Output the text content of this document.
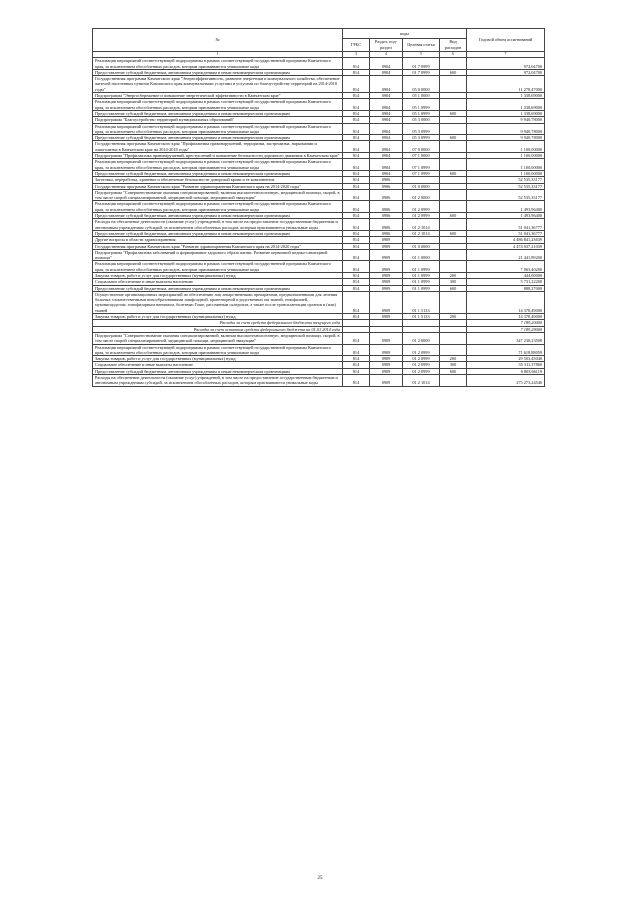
№	коды				Годовой объем ассигнований
	ГРБС	Раздел, под-раздел	Целевая статья	Вид расходов	
1	3	4	5	6	7
Реализация мероприятий соответствующей подпрограммы в рамках соответствующей государственной программы Камчатского края, за исключением обособленных расходов, которым присваиваются уникальные коды	814	0904	01 7 0999		972,04700
Предоставление субсидий бюджетным, автономным учреждениям и иным некоммерческим организациям	814	0904	01 7 0999	600	972,04700
Государственная программа Камчатского края "Энергоэффективность, развитие энергетики и коммунального хозяйства, обеспечение жителей населенных пунктов Камчатского края коммунальными услугами и услугами по благоустройству территорий на 2014-2018 годы"	814	0904	05 0 0000		11 278,47000
Подпрограмма "Энергосбережение и повышение энергетической эффективности в Камчатском крае"	814	0904	05 1 0000		1 338,69000
Реализация мероприятий соответствующей подпрограммы в рамках соответствующей государственной программы Камчатского края, за исключением обособленных расходов, которым присваиваются уникальные коды	814	0904	05 1 0999		1 338,69000
Предоставление субсидий бюджетным, автономным учреждениям и иным некоммерческим организациям	814	0904	05 1 0999	600	1 338,69000
Подпрограмма "Благоустройство территорий муниципальных образований"	814	0904	05 3 0000		9 940,78000
Реализация мероприятий соответствующей подпрограммы в рамках соответствующей государственной программы Камчатского края, за исключением обособленных расходов, которым присваиваются уникальные коды	814	0904	05 3 0999		9 940,78000
Предоставление субсидий бюджетным, автономным учреждениям и иным некоммерческим организациям	814	0904	05 3 0999	600	9 940,78000
Государственная программа Камчатского края "Профилактика правонарушений, терроризма, экстремизма, наркомании и алкоголизма в Камчатском крае на 2014-2018 годы"	814	0904	07 0 0000		1 100,00000
Подпрограмма "Профилактика правонарушений, преступлений и повышение безопасности дорожного движения в Камчатском крае"	814	0904	07 1 0000		1 100,00000
Реализация мероприятий соответствующей подпрограммы в рамках соответствующей государственной программы Камчатского края, за исключением обособленных расходов, которым присваиваются уникальные коды	814	0904	07 1 0999		1 100,00000
Предоставление субсидий бюджетным, автономным учреждениям и иным некоммерческим организациям	814	0904	07 1 0999	600	1 100,00000
Заготовка, переработка, хранение и обеспечение безопасности донорской крови и ее компонентов	814	0906			52 535,33177
Государственная программа Камчатского края "Развитие здравоохранения Камчатского края на 2014-2020 годы"	814	0906	01 0 0000		52 535,33177
Подпрограмма "Совершенствование оказания специализированной, включая высокотехнологичную, медицинской помощи, скорой, в том числе скорой специализированной, медицинской помощи, медицинской эвакуации"	814	0906	01 2 0000		52 535,33177
Реализация мероприятий соответствующей подпрограммы в рамках соответствующей государственной программы Камчатского края, за исключением обособленных расходов, которым присваиваются уникальные коды	814	0906	01 2 0999		1 493,96400
Предоставление субсидий бюджетным, автономным учреждениям и иным некоммерческим организациям	814	0906	01 2 0999	600	1 493,96400
Расходы на обеспечение деятельности (оказание услуг) учреждений, в том числе на предоставление государственным бюджетным и автономным учреждениям субсидий, за исключением обособленных расходов, которым присваиваются уникальные коды	814	0906	01 2 1014		51 041,36777
Предоставление субсидий бюджетным, автономным учреждениям и иным некоммерческим организациям	814	0906	01 2 1014	600	51 041,36777
Другие вопросы в области здравоохранения	814	0909			4 486 841,23639
Государственная программа Камчатского края "Развитие здравоохранения Камчатского края на 2014-2020 годы"	814	0909	01 0 0000		4 474 037,21039
Подпрограмма "Профилактика заболеваний и формирование здорового образа жизни. Развитие первичной медико-санитарной помощи"	814	0909	01 1 0000		21 441,89200
Реализация мероприятий соответствующей подпрограммы в рамках соответствующей государственной программы Камчатского края, за исключением обособленных расходов, которым присваиваются уникальные коды	814	0909	01 1 0999		7 063,40200
Закупка товаров, работ и услуг для государственных (муниципальных) нужд	814	0909	01 1 0999	200	444,00000
Социальное обеспечение и иные выплаты населению	814	0909	01 1 0999	300	5 731,22200
Предоставление субсидий бюджетным, автономным учреждениям и иным некоммерческим организациям	814	0909	01 1 0999	600	888,27000
Осуществление организационных мероприятий по обеспечению лиц лекарственными препаратами, предназначенными для лечения больных злокачественными новообразованиями лимфоидной, кроветворной и родственных им тканей, гемофилией, муковисцидозом, гипофизарным нанизмом, болезнью Гоше, рассеянным склерозом, а также после трансплантации органов и (или) тканей	814	0909	01 1 5133		14 378,49000
Закупка товаров, работ и услуг для государственных (муниципальных) нужд	814	0909	01 1 5133	200	14 378,49000
Расходы за счет средств федерального бюджета текущего года					7 189,20000
Расходы за счет остатков средств федерального бюджета на 01.01.2014 года					7 189,29000
Подпрограмма "Совершенствование оказания специализированной, включая высокотехнологичную, медицинской помощи, скорой, в том числе скорой специализированной, медицинской помощи, медицинской эвакуации"	814	0909	01 2 0000		347 238,23508
Реализация мероприятий соответствующей подпрограммы в рамках соответствующей государственной программы Камчатского края, за исключением обособленных расходов, которым присваиваются уникальные коды	814	0909	01 2 0999		71 618,88059
Закупка товаров, работ и услуг для государственных (муниципальных) нужд	814	0909	01 2 0999	200	29 503,45040
Социальное обеспечение и иные выплаты населению	814	0909	01 2 0999	300	35 311,37860
Предоставление субсидий бюджетным, автономным учреждениям и иным некоммерческим организациям	814	0909	01 2 0999	600	6 803,66119
Расходы на обеспечение деятельности (оказание услуг) учреждений, в том числе на предоставление государственным бюджетным и автономным учреждениям субсидий, за исключением обособленных расходов, которым присваиваются уникальные коды	814	0909	01 2 1014		275 273,24540
25
